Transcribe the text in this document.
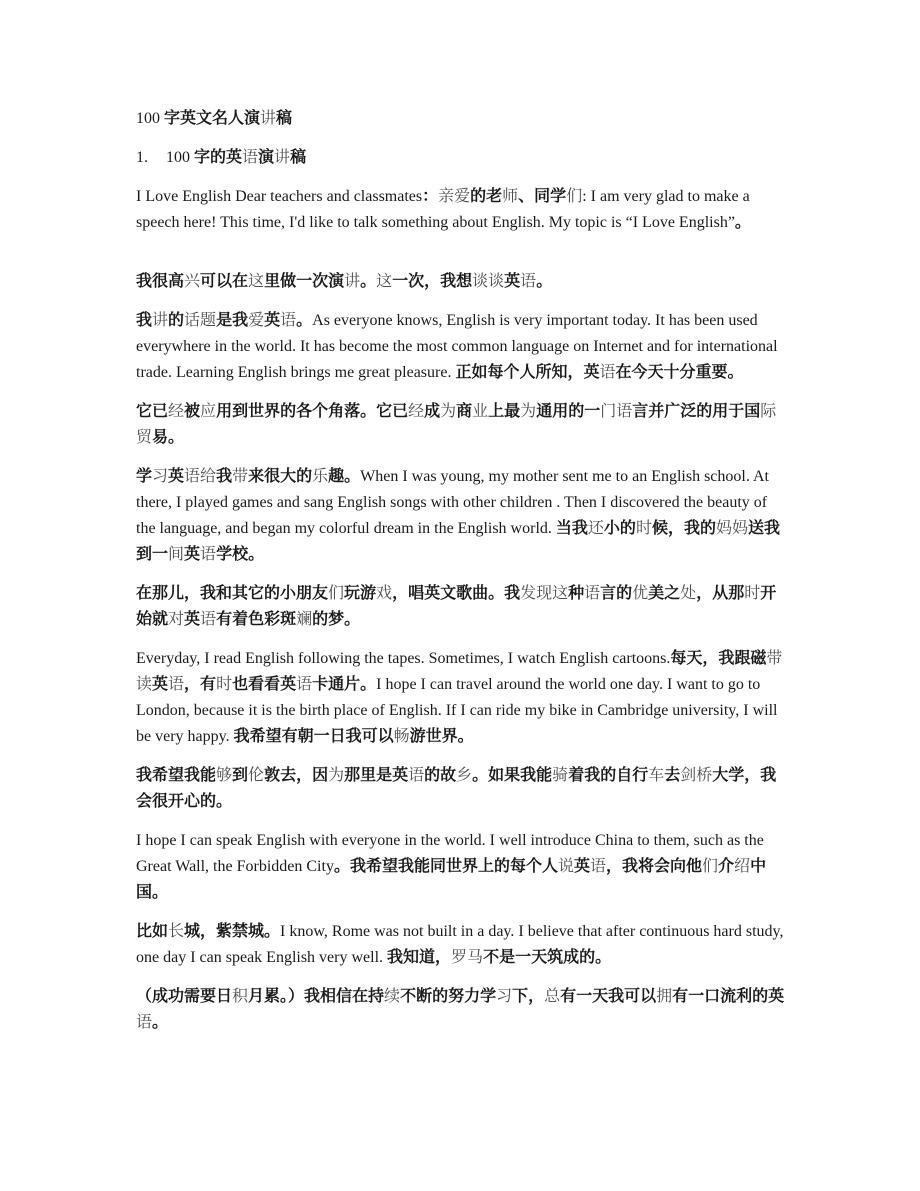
100 字英文名人演讲稿

1. 100 字的英语演讲稿

I Love English Dear teachers and classmates：亲爱的老师、同学们: I am very glad to make a speech here! This time, I'd like to talk something about English. My topic is “I Love English”。

我很高兴可以在这里做一次演讲。这一次，我想谈谈英语。

我讲的话题是我爱英语。As everyone knows, English is very important today. It has been used everywhere in the world. It has become the most common language on Internet and for international trade. Learning English brings me great pleasure. 正如每个人所知，英语在今天十分重要。

它已经被应用到世界的各个角落。它已经成为商业上最为通用的一门语言并广泛的用于国际贸易。

学习英语给我带来很大的乐趣。When I was young, my mother sent me to an English school. At there, I played games and sang English songs with other children . Then I discovered the beauty of the language, and began my colorful dream in the English world. 当我还小的时候，我的妈妈送我到一间英语学校。

在那儿，我和其它的小朋友们玩游戏，唱英文歌曲。我发现这种语言的优美之处，从那时开始就对英语有着色彩斑斓的梦。

Everyday, I read English following the tapes. Sometimes, I watch English cartoons.每天，我跟磁带读英语，有时也看看英语卡通片。I hope I can travel around the world one day. I want to go to London, because it is the birth place of English. If I can ride my bike in Cambridge university, I will be very happy. 我希望有朝一日我可以畅游世界。

我希望我能够到伦敦去，因为那里是英语的故乡。如果我能骑着我的自行车去剑桥大学，我会很开心的。

I hope I can speak English with everyone in the world. I well introduce China to them, such as the Great Wall, the Forbidden City。我希望我能同世界上的每个人说英语，我将会向他们介绍中国。

比如长城，紫禁城。I know, Rome was not built in a day. I believe that after continuous hard study, one day I can speak English very well. 我知道，罗马不是一天筑成的。

（成功需要日积月累。）我相信在持续不断的努力学习下，总有一天我可以拥有一口流利的英语。
